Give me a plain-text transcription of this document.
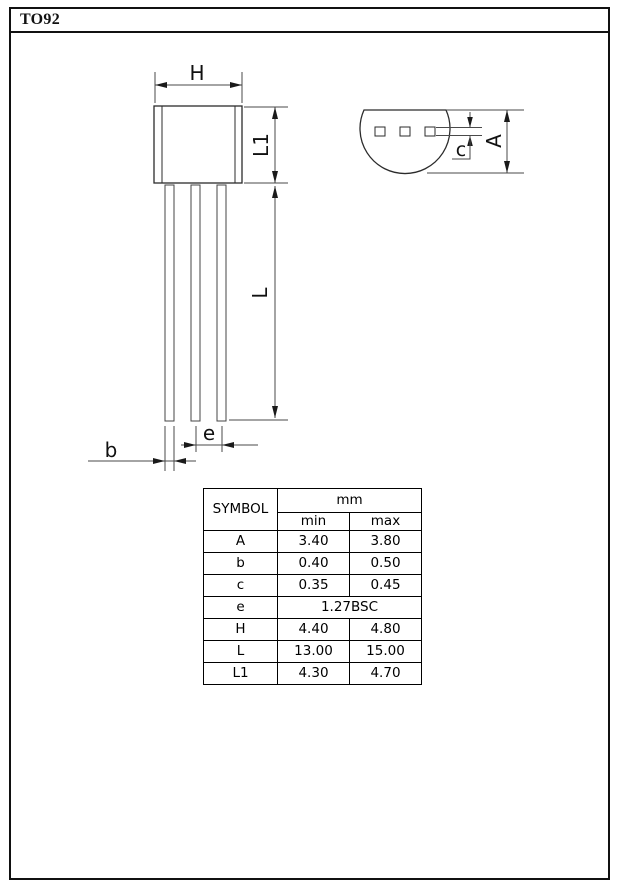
TO92
H
L1
L
e
b
c A
SYMBOL	mm	
	min	max
A	3.40	3.80
b	0.40	0.50
c	0.35	0.45
e	1.27BSC	
H	4.40	4.80
L	13.00	15.00
L1	4.30	4.70
